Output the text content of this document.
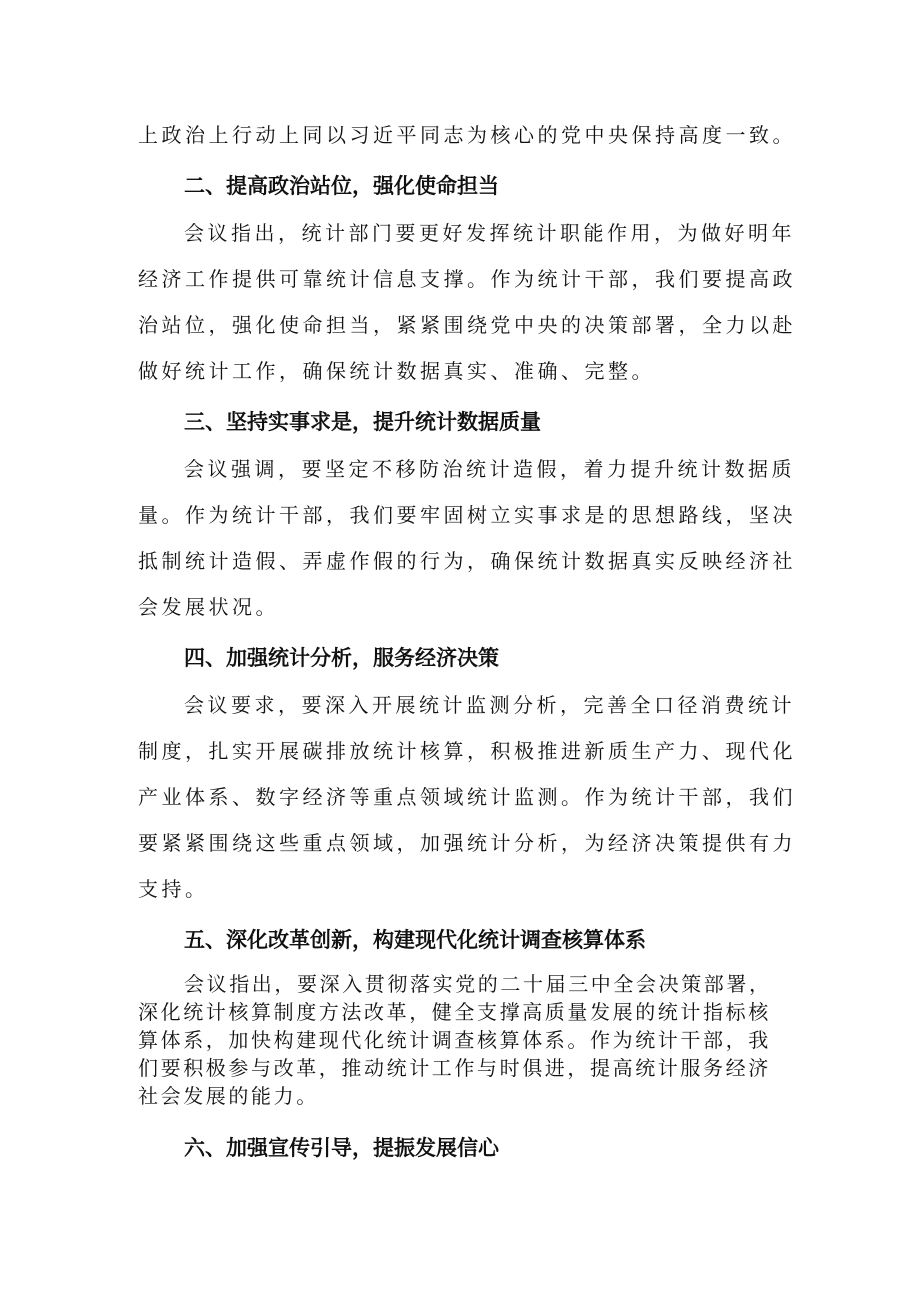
上政治上行动上同以习近平同志为核心的党中央保持高度一致。
二、提高政治站位，强化使命担当
会议指出，统计部门要更好发挥统计职能作用，为做好明年
经济工作提供可靠统计信息支撑。作为统计干部，我们要提高政
治站位，强化使命担当，紧紧围绕党中央的决策部署，全力以赴
做好统计工作，确保统计数据真实、准确、完整。
三、坚持实事求是，提升统计数据质量
会议强调，要坚定不移防治统计造假，着力提升统计数据质
量。作为统计干部，我们要牢固树立实事求是的思想路线，坚决
抵制统计造假、弄虚作假的行为，确保统计数据真实反映经济社
会发展状况。
四、加强统计分析，服务经济决策
会议要求，要深入开展统计监测分析，完善全口径消费统计
制度，扎实开展碳排放统计核算，积极推进新质生产力、现代化
产业体系、数字经济等重点领域统计监测。作为统计干部，我们
要紧紧围绕这些重点领域，加强统计分析，为经济决策提供有力
支持。
五、深化改革创新，构建现代化统计调查核算体系
会议指出，要深入贯彻落实党的二十届三中全会决策部署，
深化统计核算制度方法改革，健全支撑高质量发展的统计指标核
算体系，加快构建现代化统计调查核算体系。作为统计干部，我
们要积极参与改革，推动统计工作与时俱进，提高统计服务经济
社会发展的能力。
六、加强宣传引导，提振发展信心
